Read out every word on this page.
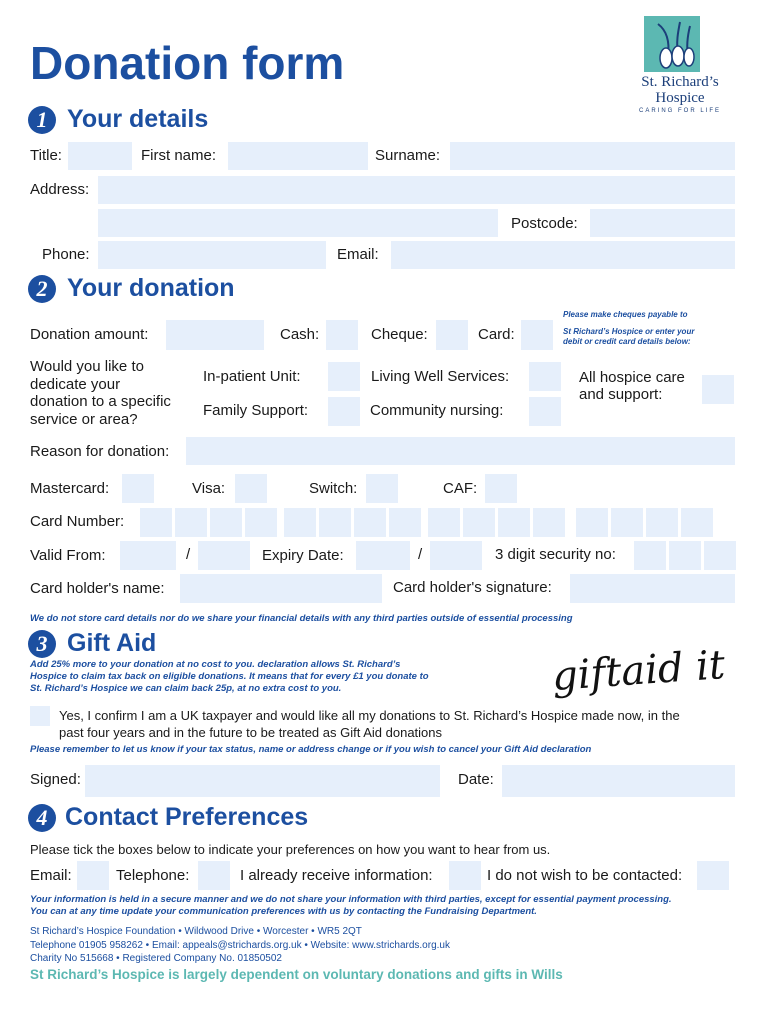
Donation form	St. Richard’s
Hospice
CARING FOR LIFE
1 Your details
Title:	First name:	Surname:
Address:
Postcode:
Phone:	Email:
2 Your donation
Please make cheques payable to
St Richard’s Hospice or enter your
debit or credit card details below:
Donation amount:	Cash:	Cheque:	Card:
Would you like to
dedicate your
donation to a specific
service or area?
In-patient Unit:	Living Well Services:	All hospice care
and support:
Family Support:	Community nursing:
Reason for donation:
Mastercard:	Visa:	Switch:	CAF:
Card Number:
Valid From:	/	Expiry Date:	/	3 digit security no:
Card holder's name:	Card holder's signature:
We do not store card details nor do we share your financial details with any third parties outside of essential processing
3 Gift Aid
Add 25% more to your donation at no cost to you. declaration allows St. Richard’s
Hospice to claim tax back on eligible donations. It means that for every £1 you donate to
St. Richard’s Hospice we can claim back 25p, at no extra cost to you.	giftaid it
Yes, I confirm I am a UK taxpayer and would like all my donations to St. Richard’s Hospice made now, in the
past four years and in the future to be treated as Gift Aid donations
Please remember to let us know if your tax status, name or address change or if you wish to cancel your Gift Aid declaration
Signed:	Date:
4 Contact Preferences
Please tick the boxes below to indicate your preferences on how you want to hear from us.
Email:	Telephone:	I already receive information:	I do not wish to be contacted:
Your information is held in a secure manner and we do not share your information with third parties, except for essential payment processing.
You can at any time update your communication preferences with us by contacting the Fundraising Department.
St Richard’s Hospice Foundation • Wildwood Drive • Worcester • WR5 2QT
Telephone 01905 958262 • Email: appeals@strichards.org.uk • Website: www.strichards.org.uk
Charity No 515668 • Registered Company No. 01850502
St Richard’s Hospice is largely dependent on voluntary donations and gifts in Wills
